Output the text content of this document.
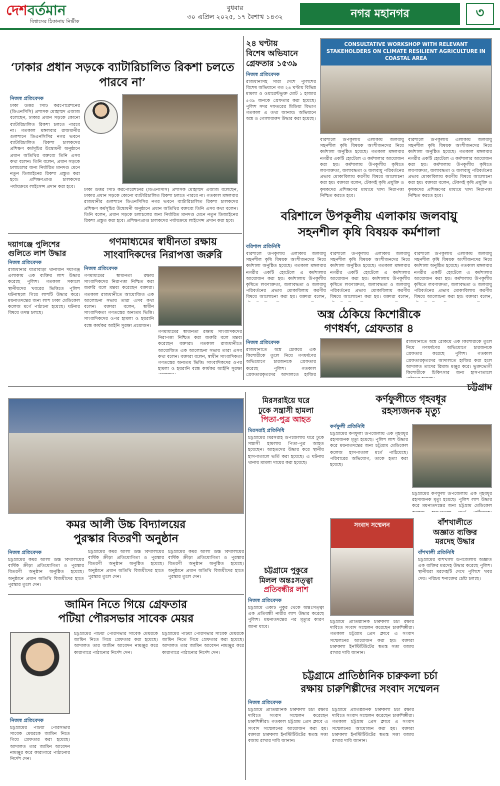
দেশবর্তমান
বিশ্বাসের ঠিকানায় নির্ভীক
বুধবার
৩০ এপ্রিল ২০২৫, ১৭ বৈশাখ ১৪৩২	নগর মহানগর	৩
‘ঢাকার প্রধান সড়কে ব্যাটারিচালিত রিকশা চলতে পারবে না’
নিজস্ব প্রতিবেদক
ঢাকা উত্তর সিটি করপোরেশনের (ডিএনসিসি) প্রশাসক মোহাম্মদ এজাজ বলেছেন, ঢাকার প্রধান সড়কে কোনো ব্যাটারিচালিত রিকশা চলতে পারবে না। গতকাল মঙ্গলবার রাজধানীর গুলশানে ডিএনসিসির নগর ভবনে ব্যাটারিচালিত রিকশা চালকদের প্রশিক্ষণ কর্মসূচির উদ্বোধনী অনুষ্ঠানে প্রধান অতিথির বক্তব্যে তিনি এসব কথা বলেন। তিনি বলেন, প্রধান সড়কে চলাচলের জন্য নির্ধারিত মানদণ্ড মেনে নতুন ডিজাইনের রিকশা প্রস্তুত করা হবে। প্রশিক্ষণপ্রাপ্ত চালকদের পর্যায়ক্রমে লাইসেন্স প্রদান করা হবে।
ঢাকা উত্তর সিটি করপোরেশনের (ডিএনসিসি) প্রশাসক মোহাম্মদ এজাজ বলেছেন, ঢাকার প্রধান সড়কে কোনো ব্যাটারিচালিত রিকশা চলতে পারবে না। গতকাল মঙ্গলবার রাজধানীর গুলশানে ডিএনসিসির নগর ভবনে ব্যাটারিচালিত রিকশা চালকদের প্রশিক্ষণ কর্মসূচির উদ্বোধনী অনুষ্ঠানে প্রধান অতিথির বক্তব্যে তিনি এসব কথা বলেন। তিনি বলেন, প্রধান সড়কে চলাচলের জন্য নির্ধারিত মানদণ্ড মেনে নতুন ডিজাইনের রিকশা প্রস্তুত করা হবে। প্রশিক্ষণপ্রাপ্ত চালকদের পর্যায়ক্রমে লাইসেন্স প্রদান করা হবে।
২৪ ঘণ্টায়
বিশেষ অভিযানে
গ্রেফতার ১৫৩৯
নিজস্ব প্রতিবেদক
রাজধানীসহ সারা দেশে পুলিশের বিশেষ অভিযানে গত ২৪ ঘণ্টায় বিভিন্ন মামলা ও ওয়ারেন্টভুক্ত মোট ১ হাজার ৫৩৯ জনকে গ্রেফতার করা হয়েছে। পুলিশ সদর দফতরের মিডিয়া বিভাগ গতকাল এ তথ্য জানায়। অভিযানে অস্ত্র ও গোলাবারুদ উদ্ধার করা হয়েছে।
CONSULTATIVE WORKSHOP WITH RELEVANT STAKEHOLDERS ON CLIMATE RESILIENT AGRICULTURE IN COASTAL AREA
বরিশালে উপকূলীয় এলাকায় জলবায়ু সহনশীল কৃষি বিষয়ক অংশীজনদের নিয়ে কর্মশালা অনুষ্ঠিত হয়েছে। গতকাল মঙ্গলবার নগরীর একটি হোটেলে এ কর্মশালার আয়োজন করা হয়। কর্মশালায় উপকূলীয় কৃষিতে লবণাক্ততা, জলাবদ্ধতা ও জলবায়ু পরিবর্তনের প্রভাব মোকাবিলায় করণীয় বিষয়ে আলোচনা করা হয়। বক্তারা বলেন, টেকসই কৃষি প্রযুক্তি ও কৃষকদের প্রশিক্ষণের মাধ্যমে খাদ্য নিরাপত্তা নিশ্চিত করতে হবে।
বরিশালে উপকূলীয় এলাকায় জলবায়ু সহনশীল কৃষি বিষয়ক অংশীজনদের নিয়ে কর্মশালা অনুষ্ঠিত হয়েছে। গতকাল মঙ্গলবার নগরীর একটি হোটেলে এ কর্মশালার আয়োজন করা হয়। কর্মশালায় উপকূলীয় কৃষিতে লবণাক্ততা, জলাবদ্ধতা ও জলবায়ু পরিবর্তনের প্রভাব মোকাবিলায় করণীয় বিষয়ে আলোচনা করা হয়। বক্তারা বলেন, টেকসই কৃষি প্রযুক্তি ও কৃষকদের প্রশিক্ষণের মাধ্যমে খাদ্য নিরাপত্তা নিশ্চিত করতে হবে।
বরিশালে উপকূলীয় এলাকায় জলবায়ু
সহনশীল কৃষি বিষয়ক কর্মশালা
বরিশাল প্রতিনিধি
বরিশালে উপকূলীয় এলাকায় জলবায়ু সহনশীল কৃষি বিষয়ক অংশীজনদের নিয়ে কর্মশালা অনুষ্ঠিত হয়েছে। গতকাল মঙ্গলবার নগরীর একটি হোটেলে এ কর্মশালার আয়োজন করা হয়। কর্মশালায় উপকূলীয় কৃষিতে লবণাক্ততা, জলাবদ্ধতা ও জলবায়ু পরিবর্তনের প্রভাব মোকাবিলায় করণীয় বিষয়ে আলোচনা করা হয়। বক্তারা বলেন,
বরিশালে উপকূলীয় এলাকায় জলবায়ু সহনশীল কৃষি বিষয়ক অংশীজনদের নিয়ে কর্মশালা অনুষ্ঠিত হয়েছে। গতকাল মঙ্গলবার নগরীর একটি হোটেলে এ কর্মশালার আয়োজন করা হয়। কর্মশালায় উপকূলীয় কৃষিতে লবণাক্ততা, জলাবদ্ধতা ও জলবায়ু পরিবর্তনের প্রভাব মোকাবিলায় করণীয় বিষয়ে আলোচনা করা হয়। বক্তারা বলেন,
বরিশালে উপকূলীয় এলাকায় জলবায়ু সহনশীল কৃষি বিষয়ক অংশীজনদের নিয়ে কর্মশালা অনুষ্ঠিত হয়েছে। গতকাল মঙ্গলবার নগরীর একটি হোটেলে এ কর্মশালার আয়োজন করা হয়। কর্মশালায় উপকূলীয় কৃষিতে লবণাক্ততা, জলাবদ্ধতা ও জলবায়ু পরিবর্তনের প্রভাব মোকাবিলায় করণীয় বিষয়ে আলোচনা করা হয়। বক্তারা বলেন,
দয়াগঞ্জে পুলিশের
গুলিতে লাশ উদ্ধার
নিজস্ব প্রতিবেদক
রাজধানীর যাত্রাবাড়ী থানাধীন দয়াগঞ্জ এলাকায় এক ব্যক্তির লাশ উদ্ধার করেছে পুলিশ। গতকাল সকালে স্থানীয়দের খবরের ভিত্তিতে পুলিশ ঘটনাস্থলে গিয়ে লাশটি উদ্ধার করে। ময়নাতদন্তের জন্য লাশ ঢাকা মেডিকেল কলেজ মর্গে পাঠানো হয়েছে। ঘটনার বিষয়ে তদন্ত চলছে।
গণমাধ্যমের স্বাধীনতা রক্ষায় সাংবাদিকদের নিরাপত্তা জরুরি
নিজস্ব প্রতিবেদক
গণমাধ্যমের স্বাধীনতা রক্ষায় সাংবাদিকদের নিরাপত্তা নিশ্চিত করা জরুরি বলে মন্তব্য করেছেন বক্তারা। গতকাল রাজধানীতে আয়োজিত এক আলোচনা সভায় তারা এসব কথা বলেন। বক্তারা বলেন, স্বাধীন সাংবাদিকতা গণতন্ত্রের অন্যতম ভিত্তি। সাংবাদিকদের ওপর হামলা ও হয়রানি বন্ধে কার্যকর আইনি সুরক্ষা প্রয়োজন।
গণমাধ্যমের স্বাধীনতা রক্ষায় সাংবাদিকদের নিরাপত্তা নিশ্চিত করা জরুরি বলে মন্তব্য করেছেন বক্তারা। গতকাল রাজধানীতে আয়োজিত এক আলোচনা সভায় তারা এসব কথা বলেন। বক্তারা বলেন, স্বাধীন সাংবাদিকতা গণতন্ত্রের অন্যতম ভিত্তি। সাংবাদিকদের ওপর হামলা ও হয়রানি বন্ধে কার্যকর আইনি সুরক্ষা
অস্ত্র ঠেকিয়ে কিশোরীকে
গণধর্ষণ, গ্রেফতার ৪
নিজস্ব প্রতিবেদক
রাজধানীতে অস্ত্র ঠেকিয়ে এক কিশোরীকে তুলে নিয়ে গণধর্ষণের অভিযোগে চারজনকে গ্রেফতার করেছে পুলিশ। গতকাল গ্রেফতারকৃতদের আদালতে হাজির
রাজধানীতে অস্ত্র ঠেকিয়ে এক কিশোরীকে তুলে নিয়ে গণধর্ষণের অভিযোগে চারজনকে গ্রেফতার করেছে পুলিশ। গতকাল গ্রেফতারকৃতদের আদালতে হাজির করা হলে আদালত তাদের রিমান্ড মঞ্জুর করে। ভুক্তভোগী কিশোরীকে চিকিৎসার জন্য হাসপাতালে
চট্টগ্রাম
কমর আলী উচ্চ বিদ্যালয়ের
পুরস্কার বিতরণী অনুষ্ঠান
নিজস্ব প্রতিবেদক
চট্টগ্রামের কমর আলী উচ্চ বিদ্যালয়ের বার্ষিক ক্রীড়া প্রতিযোগিতা ও পুরস্কার বিতরণী অনুষ্ঠান অনুষ্ঠিত হয়েছে। অনুষ্ঠানে প্রধান অতিথি বিজয়ীদের হাতে পুরস্কার তুলে দেন।
চট্টগ্রামের কমর আলী উচ্চ বিদ্যালয়ের বার্ষিক ক্রীড়া প্রতিযোগিতা ও পুরস্কার বিতরণী অনুষ্ঠান অনুষ্ঠিত হয়েছে। অনুষ্ঠানে প্রধান অতিথি বিজয়ীদের হাতে পুরস্কার তুলে দেন।
চট্টগ্রামের কমর আলী উচ্চ বিদ্যালয়ের বার্ষিক ক্রীড়া প্রতিযোগিতা ও পুরস্কার বিতরণী অনুষ্ঠান অনুষ্ঠিত হয়েছে। অনুষ্ঠানে প্রধান অতিথি বিজয়ীদের হাতে পুরস্কার তুলে দেন।
মিরসরাইয়ে ঘরে
ঢুকে সন্ত্রাসী হামলা
পিতা-পুত্র আহত
মিরসরাই প্রতিনিধি
চট্টগ্রামের মিরসরাই উপজেলায় ঘরে ঢুকে সন্ত্রাসী হামলায় পিতা-পুত্র আহত হয়েছেন। আহতদের উদ্ধার করে স্থানীয় হাসপাতালে ভর্তি করা হয়েছে। এ ঘটনায় থানায় মামলা দায়ের করা হয়েছে।
কর্ণফুলীতে গৃহবধূর
রহস্যজনক মৃত্যু
কর্ণফুলী প্রতিনিধি
চট্টগ্রামের কর্ণফুলী উপজেলায় এক গৃহবধূর রহস্যজনক মৃত্যু হয়েছে। পুলিশ লাশ উদ্ধার করে ময়নাতদন্তের জন্য চট্টগ্রাম মেডিকেল কলেজ হাসপাতাল মর্গে পাঠিয়েছে। পরিবারের অভিযোগ, তাকে হত্যা করা হয়েছে।
চট্টগ্রামের কর্ণফুলী উপজেলায় এক গৃহবধূর রহস্যজনক মৃত্যু হয়েছে। পুলিশ লাশ উদ্ধার করে ময়নাতদন্তের জন্য চট্টগ্রাম মেডিকেল
বাঁশখালীতে
অজ্ঞাত ব্যক্তির
মরদেহ উদ্ধার
বাঁশখালী প্রতিনিধি
চট্টগ্রামের বাঁশখালী উপজেলায় অজ্ঞাত এক ব্যক্তির মরদেহ উদ্ধার করেছে পুলিশ। স্থানীয়রা মরদেহটি দেখে পুলিশে খবর দেয়। পরিচয় শনাক্তের চেষ্টা চলছে।
জামিন নিতে গিয়ে গ্রেফতার
পটিয়া পৌরসভার সাবেক মেয়র
নিজস্ব প্রতিবেদক
চট্টগ্রামের পটিয়া পৌরসভার সাবেক মেয়রকে জামিন নিতে গিয়ে গ্রেফতার করা হয়েছে। আদালত তার জামিন আবেদন নামঞ্জুর করে কারাগারে পাঠানোর নির্দেশ দেন।
চট্টগ্রামের পটিয়া পৌরসভার সাবেক মেয়রকে জামিন নিতে গিয়ে গ্রেফতার করা হয়েছে। আদালত তার জামিন আবেদন নামঞ্জুর করে কারাগারে পাঠানোর নির্দেশ দেন।
চট্টগ্রামের পটিয়া পৌরসভার সাবেক মেয়রকে জামিন নিতে গিয়ে গ্রেফতার করা হয়েছে। আদালত তার জামিন আবেদন নামঞ্জুর করে কারাগারে পাঠানোর নির্দেশ দেন।
চট্টগ্রামে পুকুরে
মিলল অন্তঃসত্ত্বা
প্রতিবন্ধীর লাশ
নিজস্ব প্রতিবেদক
চট্টগ্রামে একটি পুকুর থেকে অন্তঃসত্ত্বা এক প্রতিবন্ধী নারীর লাশ উদ্ধার করেছে পুলিশ। ময়নাতদন্তের পর মৃত্যুর কারণ জানা যাবে।
সংবাদ সম্মেলন
চট্টগ্রামে প্রাতিষ্ঠানিক চারুকলা চর্চা রক্ষার দাবিতে সংবাদ সম্মেলন করেছেন চারুশিল্পীরা। গতকাল চট্টগ্রাম প্রেস ক্লাবে এ সংবাদ সম্মেলনের আয়োজন করা হয়। বক্তারা চারুকলা ইনস্টিটিউটের স্বতন্ত্র সত্তা বজায় রাখার দাবি জানান।
চট্টগ্রামে প্রাতিষ্ঠানিক চারুকলা চর্চা
রক্ষায় চারুশিল্পীদের সংবাদ সম্মেলন
নিজস্ব প্রতিবেদক
চট্টগ্রামে প্রাতিষ্ঠানিক চারুকলা চর্চা রক্ষার দাবিতে সংবাদ সম্মেলন করেছেন চারুশিল্পীরা। গতকাল চট্টগ্রাম প্রেস ক্লাবে এ সংবাদ সম্মেলনের আয়োজন করা হয়। বক্তারা চারুকলা ইনস্টিটিউটের স্বতন্ত্র সত্তা বজায় রাখার দাবি জানান।
চট্টগ্রামে প্রাতিষ্ঠানিক চারুকলা চর্চা রক্ষার দাবিতে সংবাদ সম্মেলন করেছেন চারুশিল্পীরা। গতকাল চট্টগ্রাম প্রেস ক্লাবে এ সংবাদ সম্মেলনের আয়োজন করা হয়। বক্তারা চারুকলা ইনস্টিটিউটের স্বতন্ত্র সত্তা বজায় রাখার দাবি জানান।
